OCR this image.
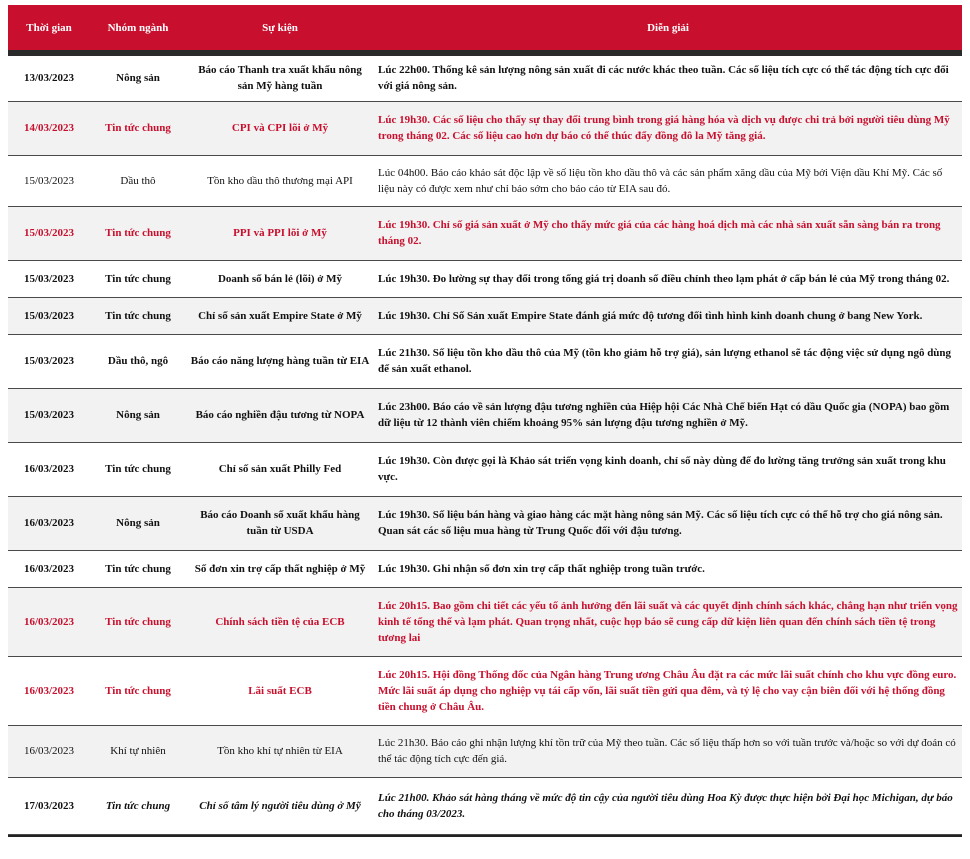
Thời gian	Nhóm ngành	Sự kiện	Diễn giải
13/03/2023	Nông sản	Báo cáo Thanh tra xuất khẩu nông sản Mỹ hàng tuần	Lúc 22h00. Thống kê sản lượng nông sản xuất đi các nước khác theo tuần. Các số liệu tích cực có thể tác động tích cực đối với giá nông sản.
14/03/2023	Tin tức chung	CPI và CPI lõi ở Mỹ	Lúc 19h30. Các số liệu cho thấy sự thay đổi trung bình trong giá hàng hóa và dịch vụ được chi trả bởi người tiêu dùng Mỹ trong tháng 02. Các số liệu cao hơn dự báo có thể thúc đẩy đồng đô la Mỹ tăng giá.
15/03/2023	Dầu thô	Tồn kho dầu thô thương mại API	Lúc 04h00. Báo cáo khảo sát độc lập về số liệu tồn kho dầu thô và các sản phẩm xăng dầu của Mỹ bởi Viện dầu Khí Mỹ. Các số liệu này có được xem như chỉ báo sớm cho báo cáo từ EIA sau đó.
15/03/2023	Tin tức chung	PPI và PPI lõi ở Mỹ	Lúc 19h30. Chỉ số giá sản xuất ở Mỹ cho thấy mức giá của các hàng hoá dịch mà các nhà sản xuất sẵn sàng bán ra trong tháng 02.
15/03/2023	Tin tức chung	Doanh số bán lẻ (lõi) ở Mỹ	Lúc 19h30. Đo lường sự thay đổi trong tổng giá trị doanh số điều chỉnh theo lạm phát ở cấp bán lẻ của Mỹ trong tháng 02.
15/03/2023	Tin tức chung	Chỉ số sản xuất Empire State ở Mỹ	Lúc 19h30. Chỉ Số Sản xuất Empire State đánh giá mức độ tương đối tình hình kinh doanh chung ở bang New York.
15/03/2023	Dầu thô, ngô	Báo cáo năng lượng hàng tuần từ EIA	Lúc 21h30. Số liệu tồn kho dầu thô của Mỹ (tồn kho giảm hỗ trợ giá), sản lượng ethanol sẽ tác động việc sử dụng ngô dùng để sản xuất ethanol.
15/03/2023	Nông sản	Báo cáo nghiền đậu tương từ NOPA	Lúc 23h00. Báo cáo về sản lượng đậu tương nghiền của Hiệp hội Các Nhà Chế biến Hạt có dầu Quốc gia (NOPA) bao gồm dữ liệu từ 12 thành viên chiếm khoảng 95% sản lượng đậu tương nghiền ở Mỹ.
16/03/2023	Tin tức chung	Chỉ số sản xuất Philly Fed	Lúc 19h30. Còn được gọi là Khảo sát triển vọng kinh doanh, chỉ số này dùng để đo lường tăng trưởng sản xuất trong khu vực.
16/03/2023	Nông sản	Báo cáo Doanh số xuất khẩu hàng tuần từ USDA	Lúc 19h30. Số liệu bán hàng và giao hàng các mặt hàng nông sản Mỹ. Các số liệu tích cực có thể hỗ trợ cho giá nông sản. Quan sát các số liệu mua hàng từ Trung Quốc đối với đậu tương.
16/03/2023	Tin tức chung	Số đơn xin trợ cấp thất nghiệp ở Mỹ	Lúc 19h30. Ghi nhận số đơn xin trợ cấp thất nghiệp trong tuần trước.
16/03/2023	Tin tức chung	Chính sách tiền tệ của ECB	Lúc 20h15. Bao gồm chi tiết các yếu tố ảnh hưởng đến lãi suất và các quyết định chính sách khác, chẳng hạn như triển vọng kinh tế tổng thể và lạm phát. Quan trọng nhất, cuộc họp báo sẽ cung cấp dữ kiện liên quan đến chính sách tiền tệ trong tương lai
16/03/2023	Tin tức chung	Lãi suất ECB	Lúc 20h15. Hội đồng Thống đốc của Ngân hàng Trung ương Châu Âu đặt ra các mức lãi suất chính cho khu vực đồng euro. Mức lãi suất áp dụng cho nghiệp vụ tái cấp vốn, lãi suất tiền gửi qua đêm, và tỷ lệ cho vay cận biên đối với hệ thống đồng tiền chung ở Châu Âu.
16/03/2023	Khí tự nhiên	Tồn kho khí tự nhiên từ EIA	Lúc 21h30. Báo cáo ghi nhận lượng khí tồn trữ của Mỹ theo tuần. Các số liệu thấp hơn so với tuần trước và/hoặc so với dự đoán có thể tác động tích cực đến giá.
17/03/2023	Tin tức chung	Chỉ số tâm lý người tiêu dùng ở Mỹ	Lúc 21h00. Khảo sát hàng tháng về mức độ tin cậy của người tiêu dùng Hoa Kỳ được thực hiện bởi Đại học Michigan, dự báo cho tháng 03/2023.
